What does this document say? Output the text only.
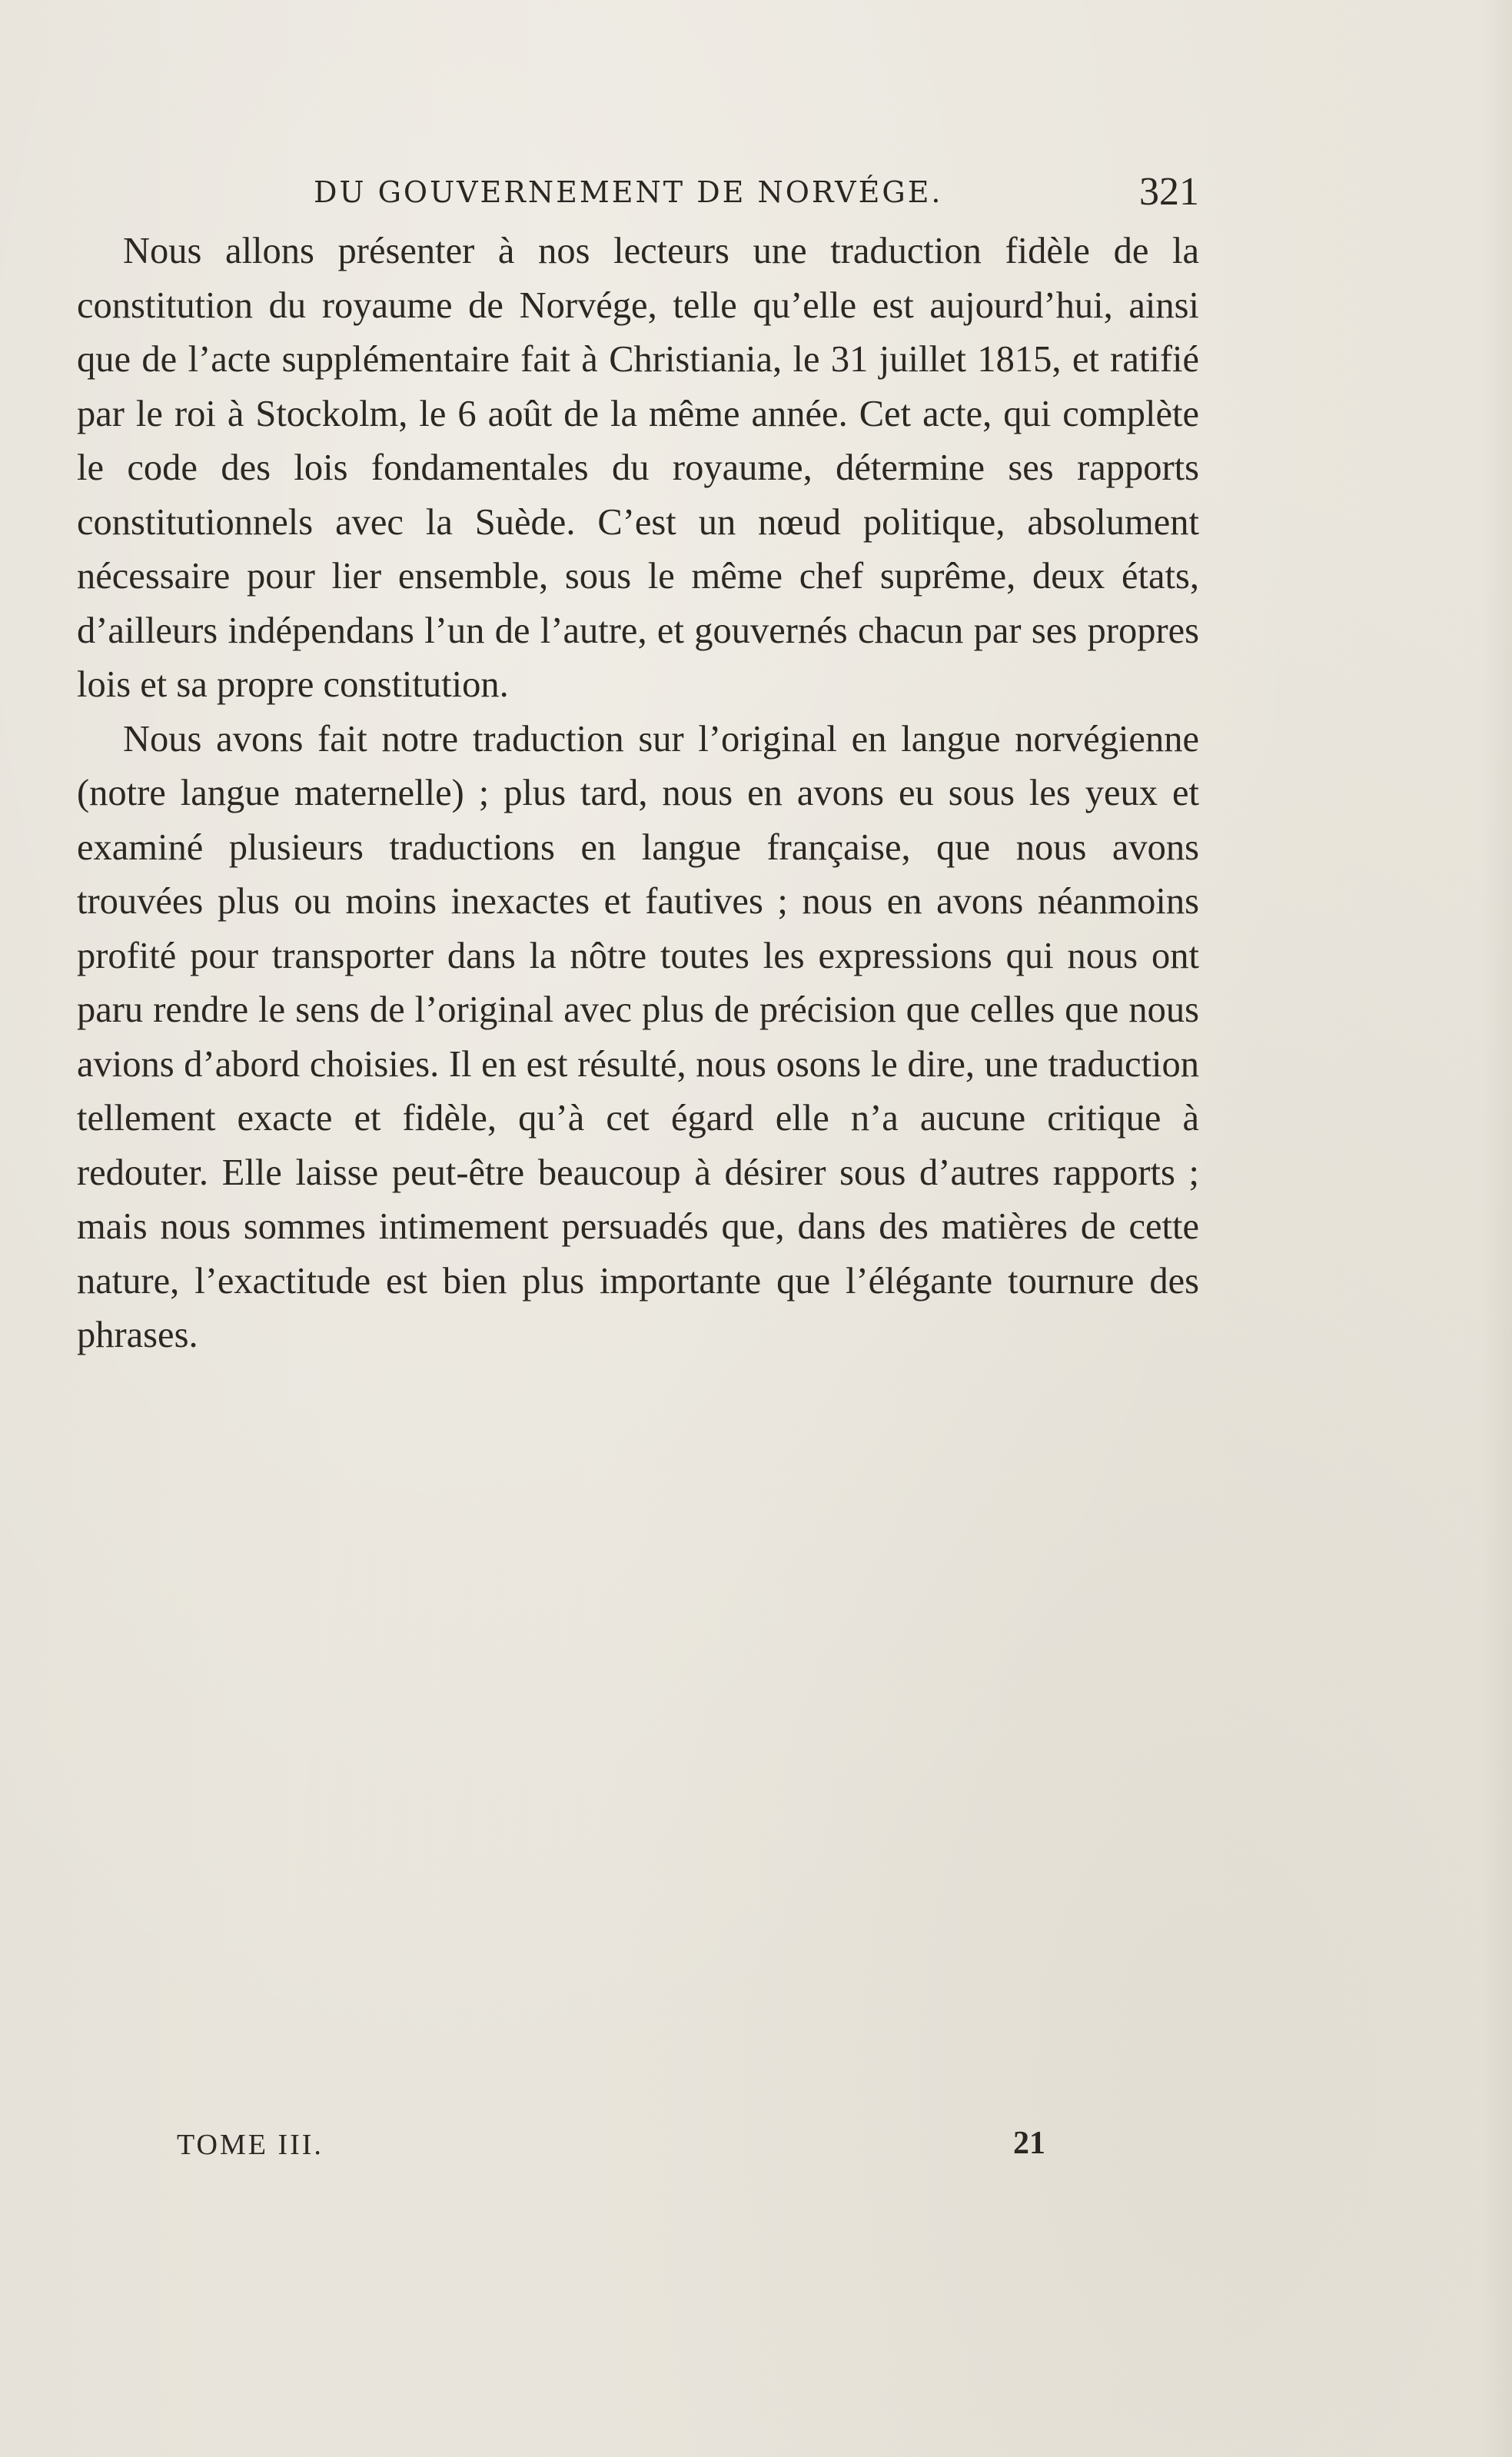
DU GOUVERNEMENT DE NORVÉGE.	321

Nous allons présenter à nos lecteurs une traduction fidèle de la constitution du royaume de Norvége, telle qu’elle est aujourd’hui, ainsi que de l’acte supplémentaire fait à Christiania, le 31 juillet 1815, et ratifié par le roi à Stockolm, le 6 août de la même année. Cet acte, qui complète le code des lois fondamentales du royaume, détermine ses rapports constitutionnels avec la Suède. C’est un nœud politique, absolument nécessaire pour lier ensemble, sous le même chef suprême, deux états, d’ailleurs indépendans l’un de l’autre, et gouvernés chacun par ses propres lois et sa propre constitution.

Nous avons fait notre traduction sur l’original en langue norvégienne (notre langue maternelle) ; plus tard, nous en avons eu sous les yeux et examiné plusieurs traductions en langue française, que nous avons trouvées plus ou moins inexactes et fautives ; nous en avons néanmoins profité pour transporter dans la nôtre toutes les expressions qui nous ont paru rendre le sens de l’original avec plus de précision que celles que nous avions d’abord choisies. Il en est résulté, nous osons le dire, une traduction tellement exacte et fidèle, qu’à cet égard elle n’a aucune critique à redouter. Elle laisse peut-être beaucoup à désirer sous d’autres rapports ; mais nous sommes intimement persuadés que, dans des matières de cette nature, l’exactitude est bien plus importante que l’élégante tournure des phrases.

TOME III.	21
